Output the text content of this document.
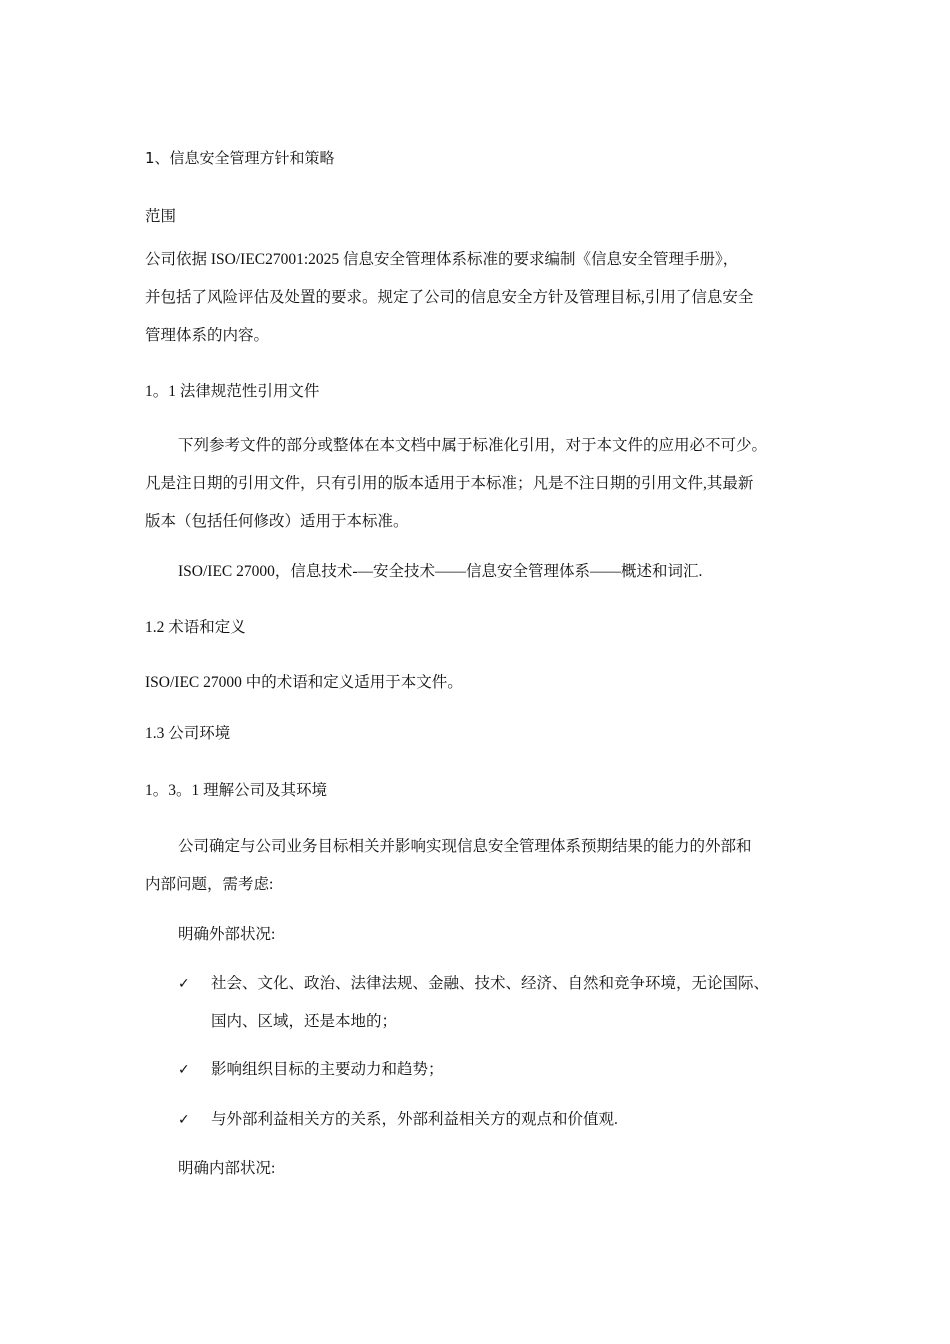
1、信息安全管理方针和策略
范围
公司依据 ISO/IEC27001:2025 信息安全管理体系标准的要求编制《信息安全管理手册》，
并包括了风险评估及处置的要求。规定了公司的信息安全方针及管理目标,引用了信息安全
管理体系的内容。
1。1 法律规范性引用文件
下列参考文件的部分或整体在本文档中属于标准化引用，对于本文件的应用必不可少。
凡是注日期的引用文件，只有引用的版本适用于本标准；凡是不注日期的引用文件,其最新
版本（包括任何修改）适用于本标准。
ISO/IEC 27000，信息技术-—安全技术——信息安全管理体系——概述和词汇.
1.2 术语和定义
ISO/IEC 27000 中的术语和定义适用于本文件。
1.3 公司环境
1。3。1 理解公司及其环境
公司确定与公司业务目标相关并影响实现信息安全管理体系预期结果的能力的外部和
内部问题，需考虑:
明确外部状况:
✓ 社会、文化、政治、法律法规、金融、技术、经济、自然和竞争环境，无论国际、
国内、区域，还是本地的；
✓ 影响组织目标的主要动力和趋势；
✓ 与外部利益相关方的关系，外部利益相关方的观点和价值观.
明确内部状况:
